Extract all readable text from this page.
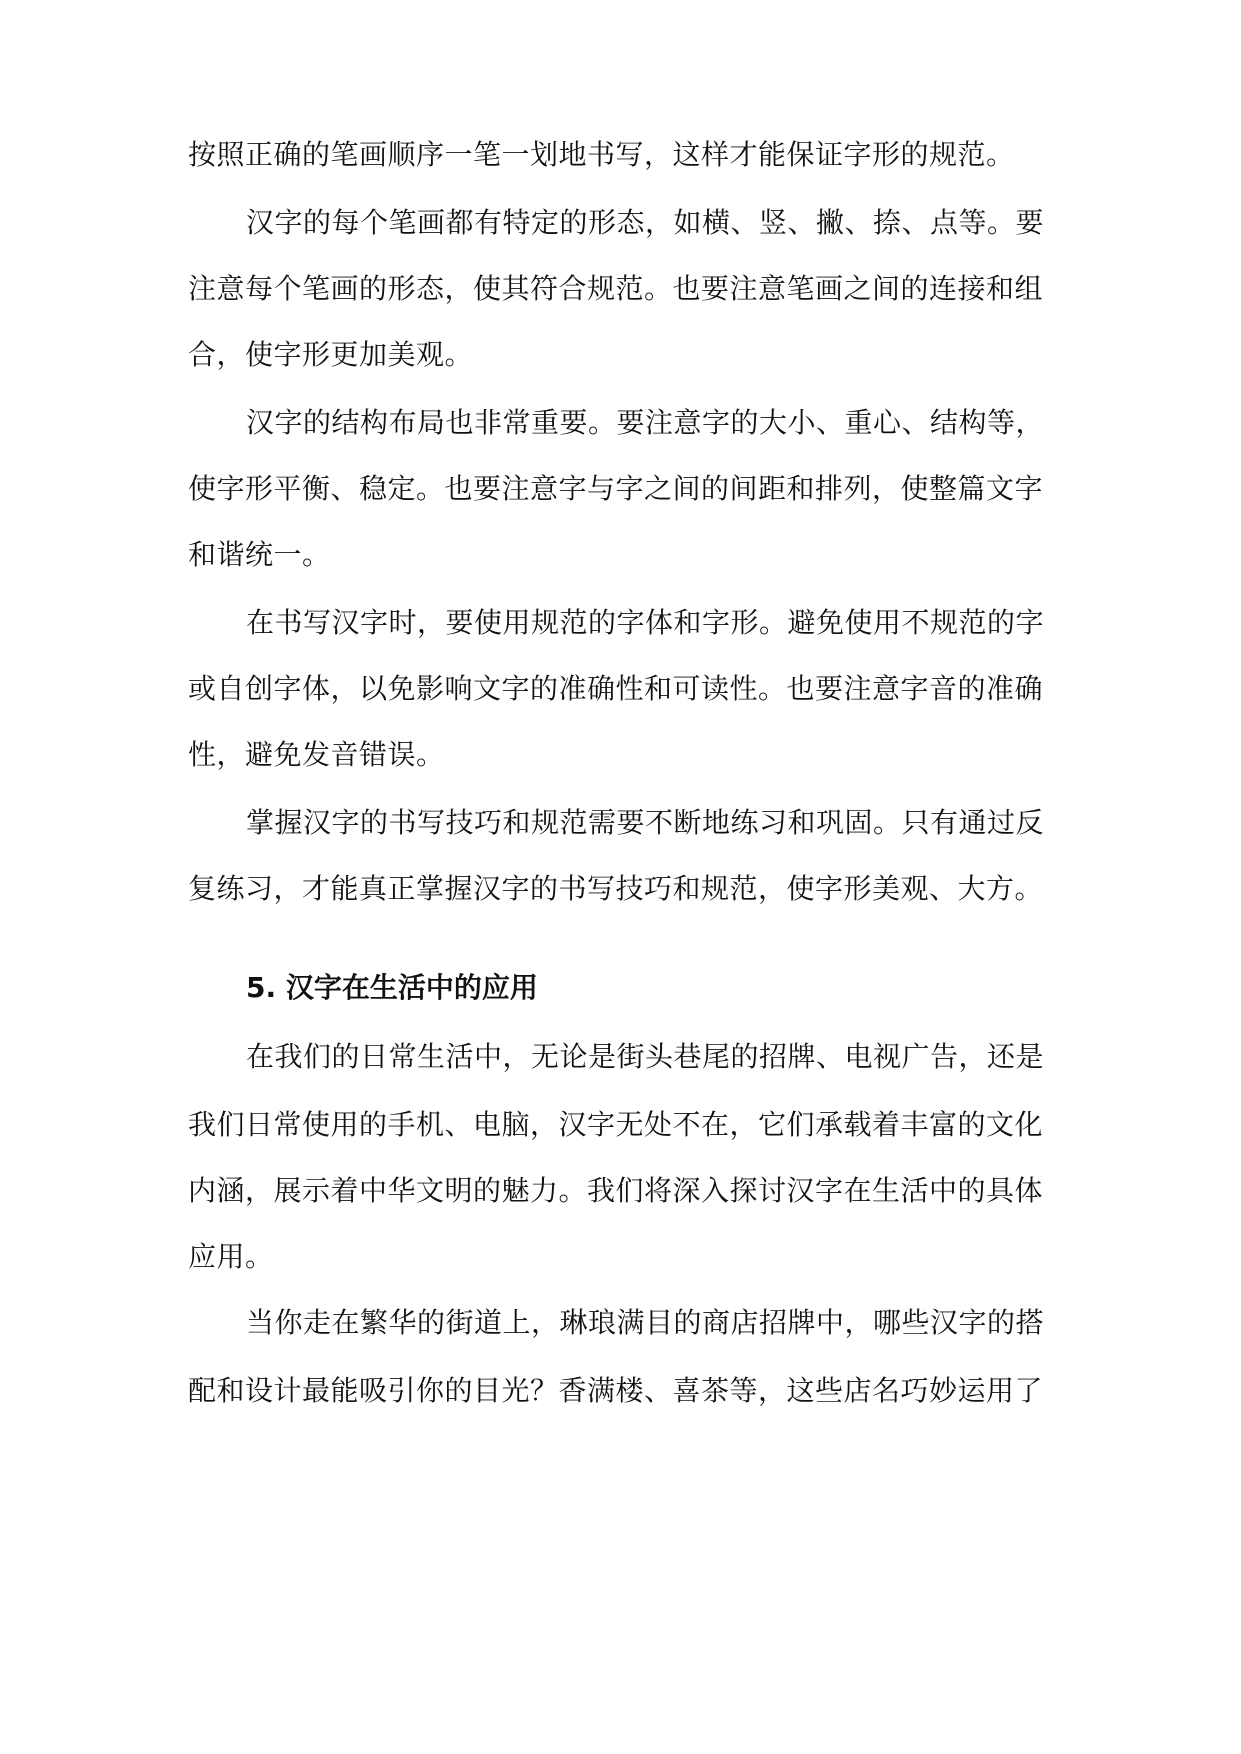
按照正确的笔画顺序一笔一划地书写，这样才能保证字形的规范。
汉字的每个笔画都有特定的形态，如横、竖、撇、捺、点等。要
注意每个笔画的形态，使其符合规范。也要注意笔画之间的连接和组
合，使字形更加美观。
汉字的结构布局也非常重要。要注意字的大小、重心、结构等，
使字形平衡、稳定。也要注意字与字之间的间距和排列，使整篇文字
和谐统一。
在书写汉字时，要使用规范的字体和字形。避免使用不规范的字
或自创字体，以免影响文字的准确性和可读性。也要注意字音的准确
性，避免发音错误。
掌握汉字的书写技巧和规范需要不断地练习和巩固。只有通过反
复练习，才能真正掌握汉字的书写技巧和规范，使字形美观、大方。
5. 汉字在生活中的应用
在我们的日常生活中，无论是街头巷尾的招牌、电视广告，还是
我们日常使用的手机、电脑，汉字无处不在，它们承载着丰富的文化
内涵，展示着中华文明的魅力。我们将深入探讨汉字在生活中的具体
应用。
当你走在繁华的街道上，琳琅满目的商店招牌中，哪些汉字的搭
配和设计最能吸引你的目光？香满楼、喜茶等，这些店名巧妙运用了
